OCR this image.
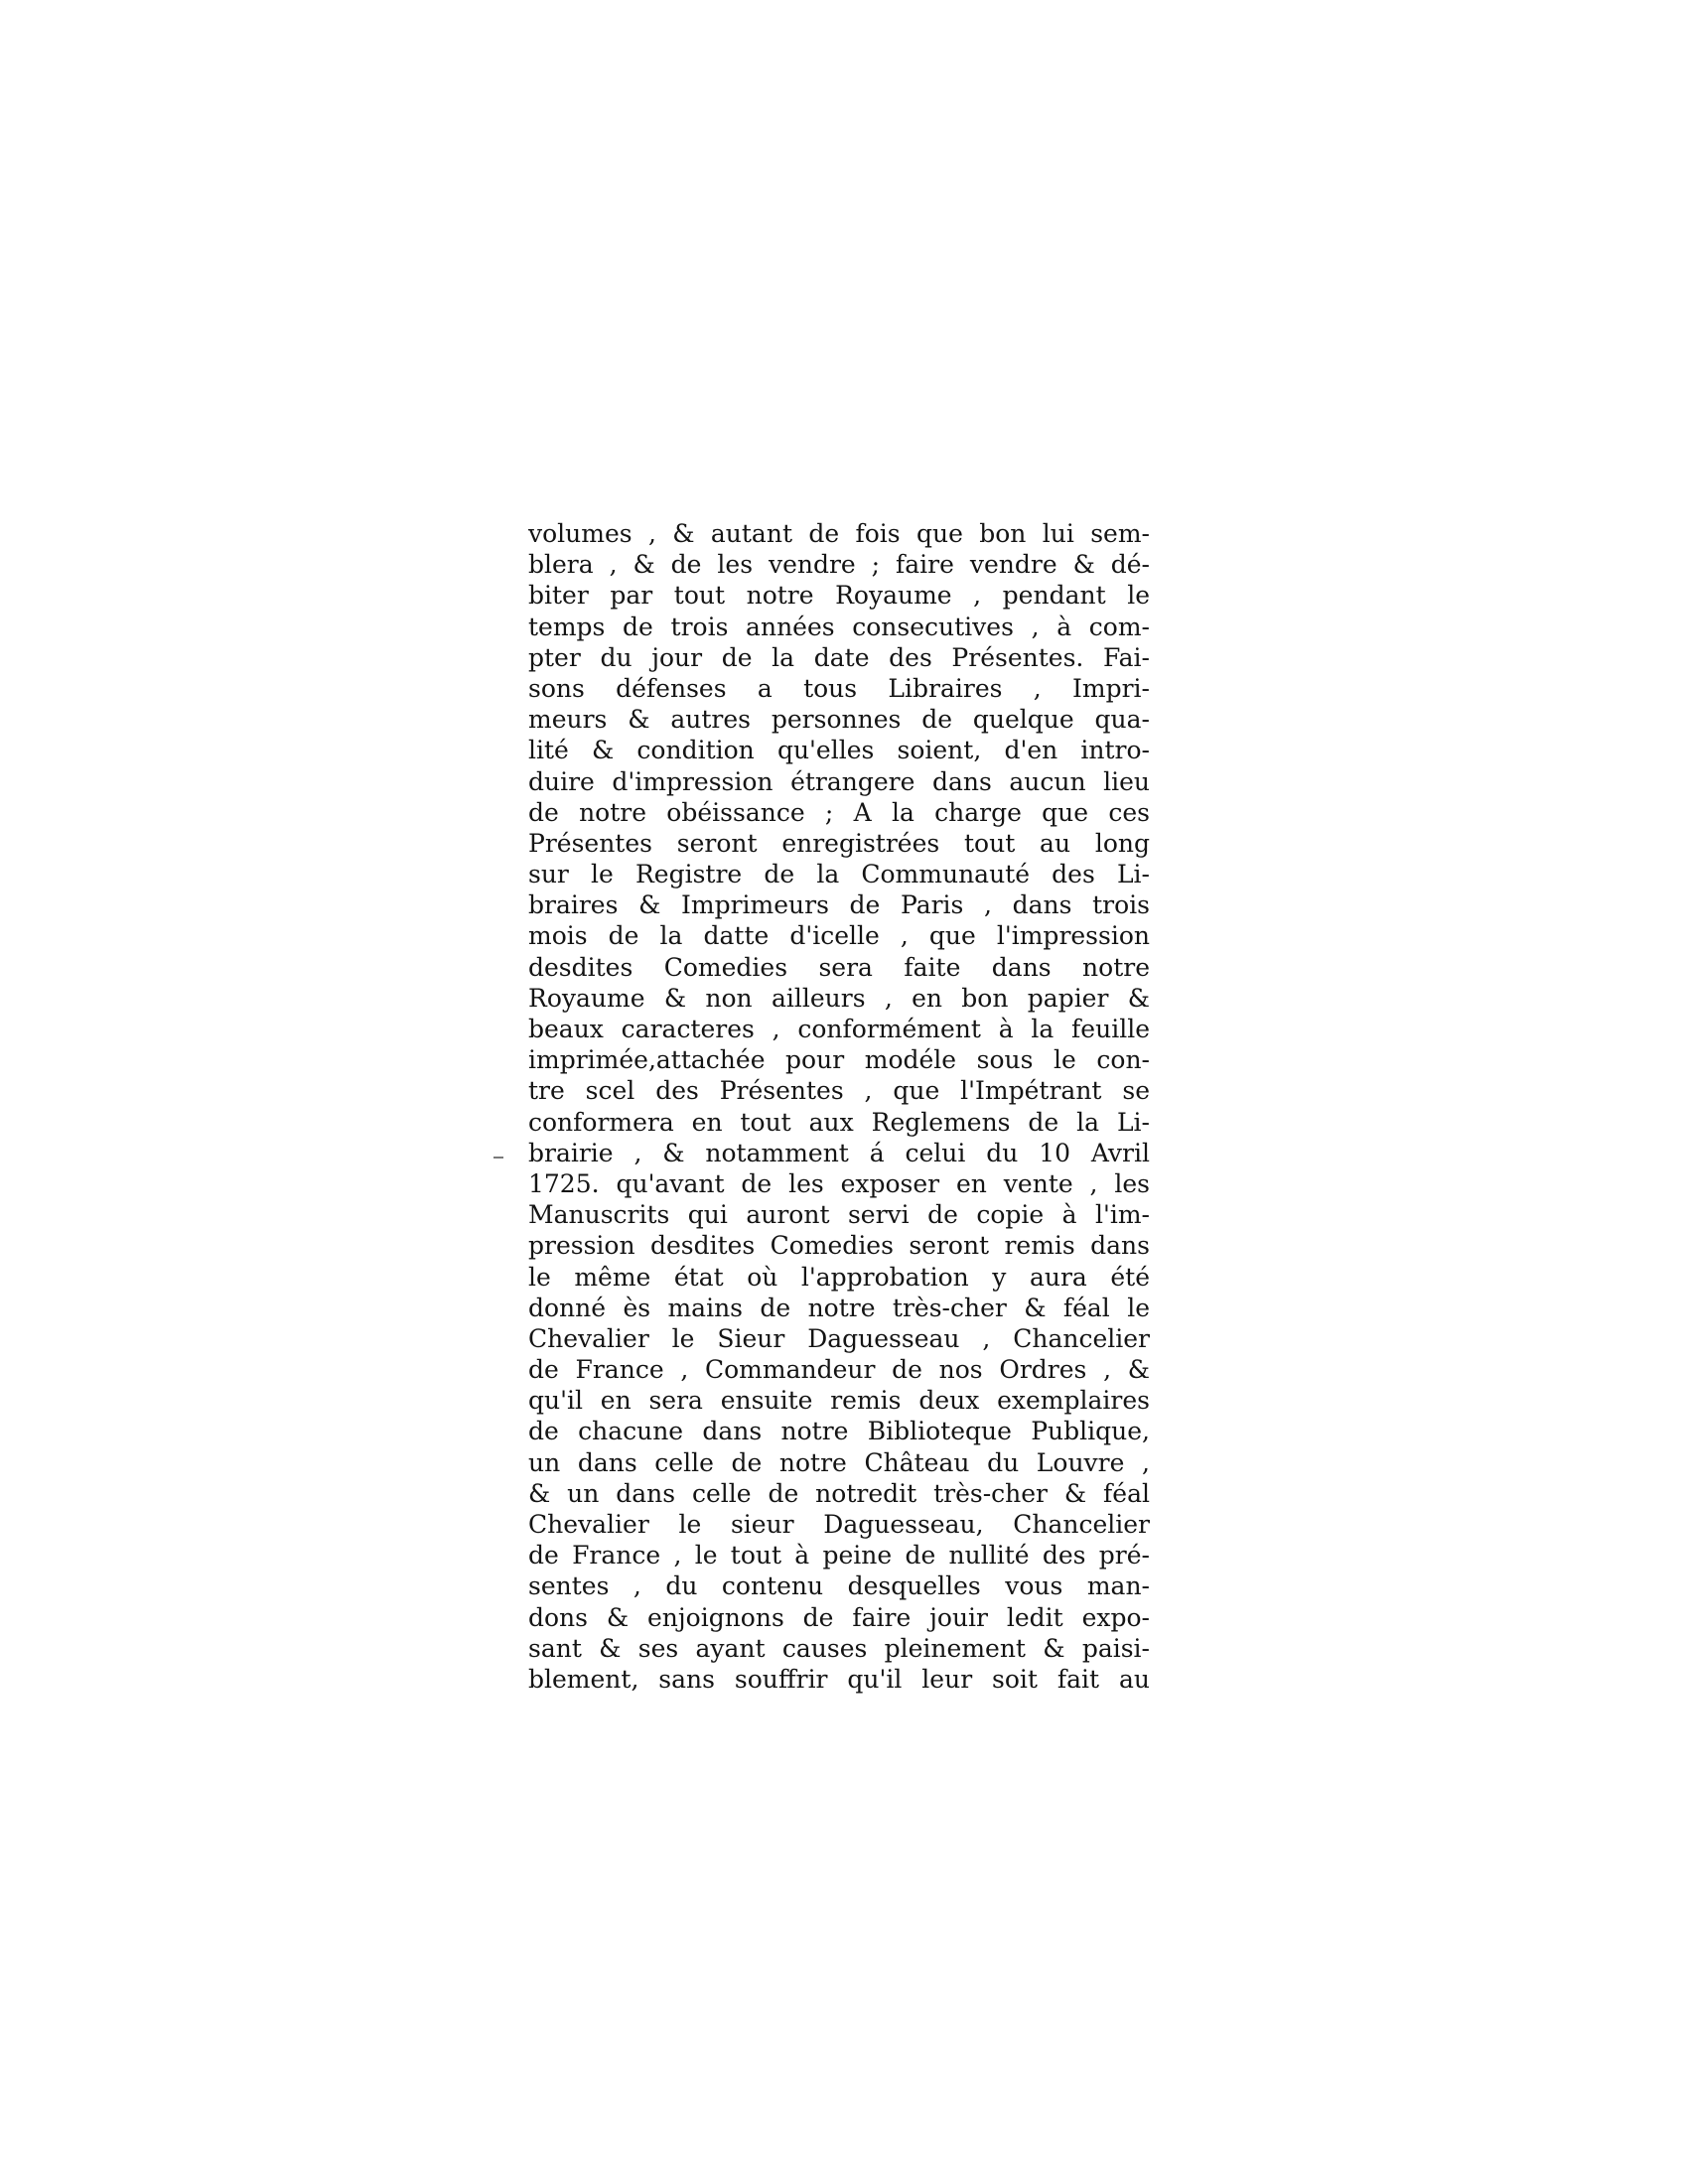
volumes , & autant de fois que bon lui sem-
blera , & de les vendre ; faire vendre & dé-
biter par tout notre Royaume , pendant le
temps de trois années consecutives , à com-
pter du jour de la date des Présentes. Fai-
sons défenses a tous Libraires , Impri-
meurs & autres personnes de quelque qua-
lité & condition qu'elles soient, d'en intro-
duire d'impression étrangere dans aucun lieu
de notre obéissance ; A la charge que ces
Présentes seront enregistrées tout au long
sur le Registre de la Communauté des Li-
braires & Imprimeurs de Paris , dans trois
mois de la datte d'icelle , que l'impression
desdites Comedies sera faite dans notre
Royaume & non ailleurs , en bon papier &
beaux caracteres , conformément à la feuille
imprimée,attachée pour modéle sous le con-
tre scel des Présentes , que l'Impétrant se
conformera en tout aux Reglemens de la Li-
brairie , & notamment á celui du 10 Avril
1725. qu'avant de les exposer en vente , les
Manuscrits qui auront servi de copie à l'im-
pression desdites Comedies seront remis dans
le même état où l'approbation y aura été
donné ès mains de notre très-cher & féal le
Chevalier le Sieur Daguesseau , Chancelier
de France , Commandeur de nos Ordres , &
qu'il en sera ensuite remis deux exemplaires
de chacune dans notre Biblioteque Publique,
un dans celle de notre Château du Louvre ,
& un dans celle de notredit très-cher & féal
Chevalier le sieur Daguesseau, Chancelier
de France , le tout à peine de nullité des pré-
sentes , du contenu desquelles vous man-
dons & enjoignons de faire jouir ledit expo-
sant & ses ayant causes pleinement & paisi-
blement, sans souffrir qu'il leur soit fait au
